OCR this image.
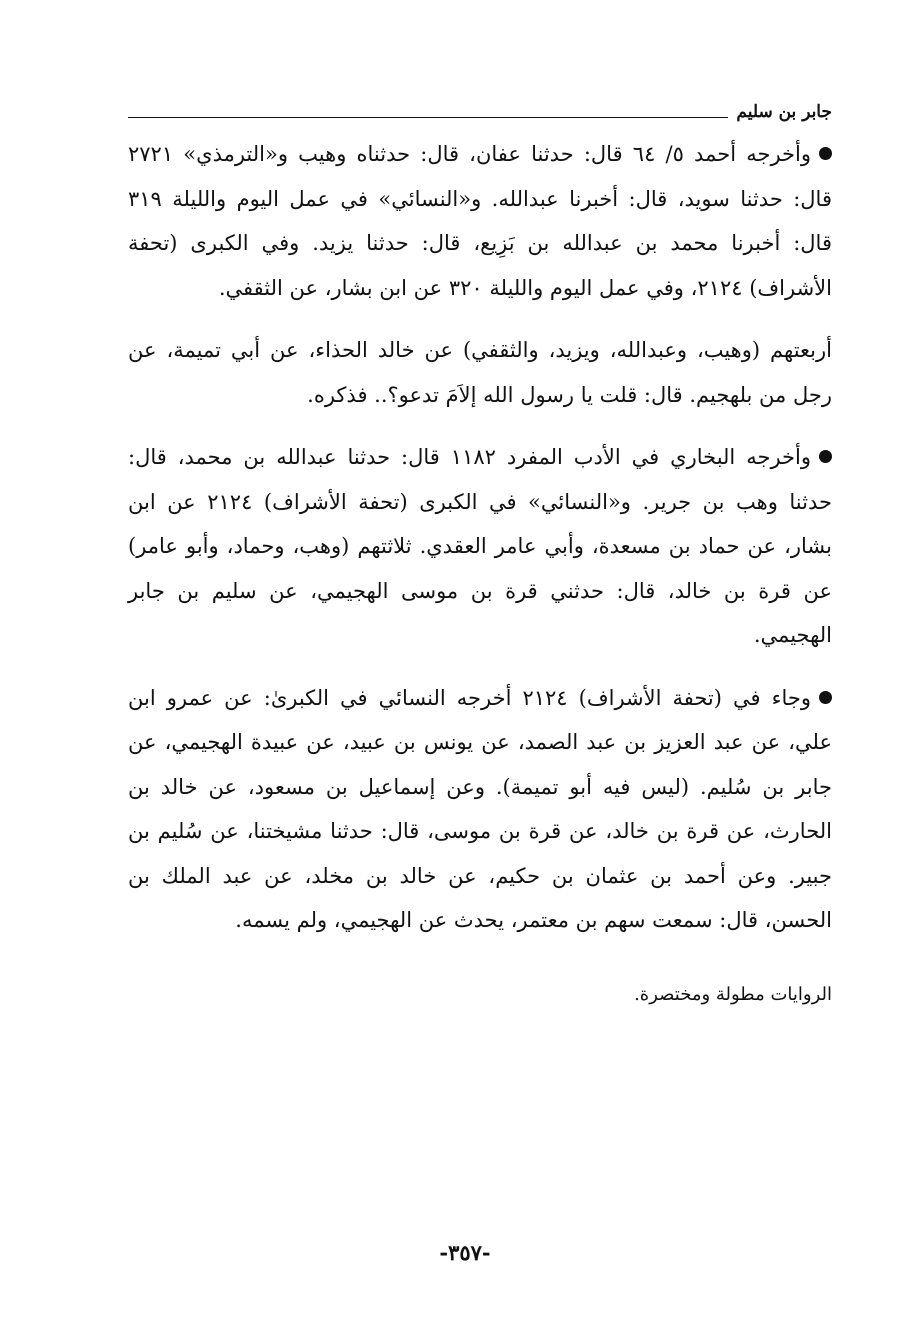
جابر بن سليم

وأخرجه أحمد ٥/ ٦٤ قال: حدثنا عفان، قال: حدثناه وهيب و«الترمذي» ٢٧٢١ قال: حدثنا سويد، قال: أخبرنا عبدالله. و«النسائي» في عمل اليوم والليلة ٣١٩ قال: أخبرنا محمد بن عبدالله بن بَزِيع، قال: حدثنا يزيد. وفي الكبرى (تحفة الأشراف) ٢١٢٤، وفي عمل اليوم والليلة ٣٢٠ عن ابن بشار، عن الثقفي.

أربعتهم (وهيب، وعبدالله، ويزيد، والثقفي) عن خالد الحذاء، عن أبي تميمة، عن رجل من بلهجيم. قال: قلت يا رسول الله إلاَمَ تدعو؟.. فذكره.

وأخرجه البخاري في الأدب المفرد ١١٨٢ قال: حدثنا عبدالله بن محمد، قال: حدثنا وهب بن جرير. و«النسائي» في الكبرى (تحفة الأشراف) ٢١٢٤ عن ابن بشار، عن حماد بن مسعدة، وأبي عامر العقدي. ثلاثتهم (وهب، وحماد، وأبو عامر) عن قرة بن خالد، قال: حدثني قرة بن موسى الهجيمي، عن سليم بن جابر الهجيمي.

وجاء في (تحفة الأشراف) ٢١٢٤ أخرجه النسائي في الكبرىٰ: عن عمرو ابن علي، عن عبد العزيز بن عبد الصمد، عن يونس بن عبيد، عن عبيدة الهجيمي، عن جابر بن سُليم. (ليس فيه أبو تميمة). وعن إسماعيل بن مسعود، عن خالد بن الحارث، عن قرة بن خالد، عن قرة بن موسى، قال: حدثنا مشيختنا، عن سُليم بن جبير. وعن أحمد بن عثمان بن حكيم، عن خالد بن مخلد، عن عبد الملك بن الحسن، قال: سمعت سهم بن معتمر، يحدث عن الهجيمي، ولم يسمه.

الروايات مطولة ومختصرة.
-٣٥٧-
